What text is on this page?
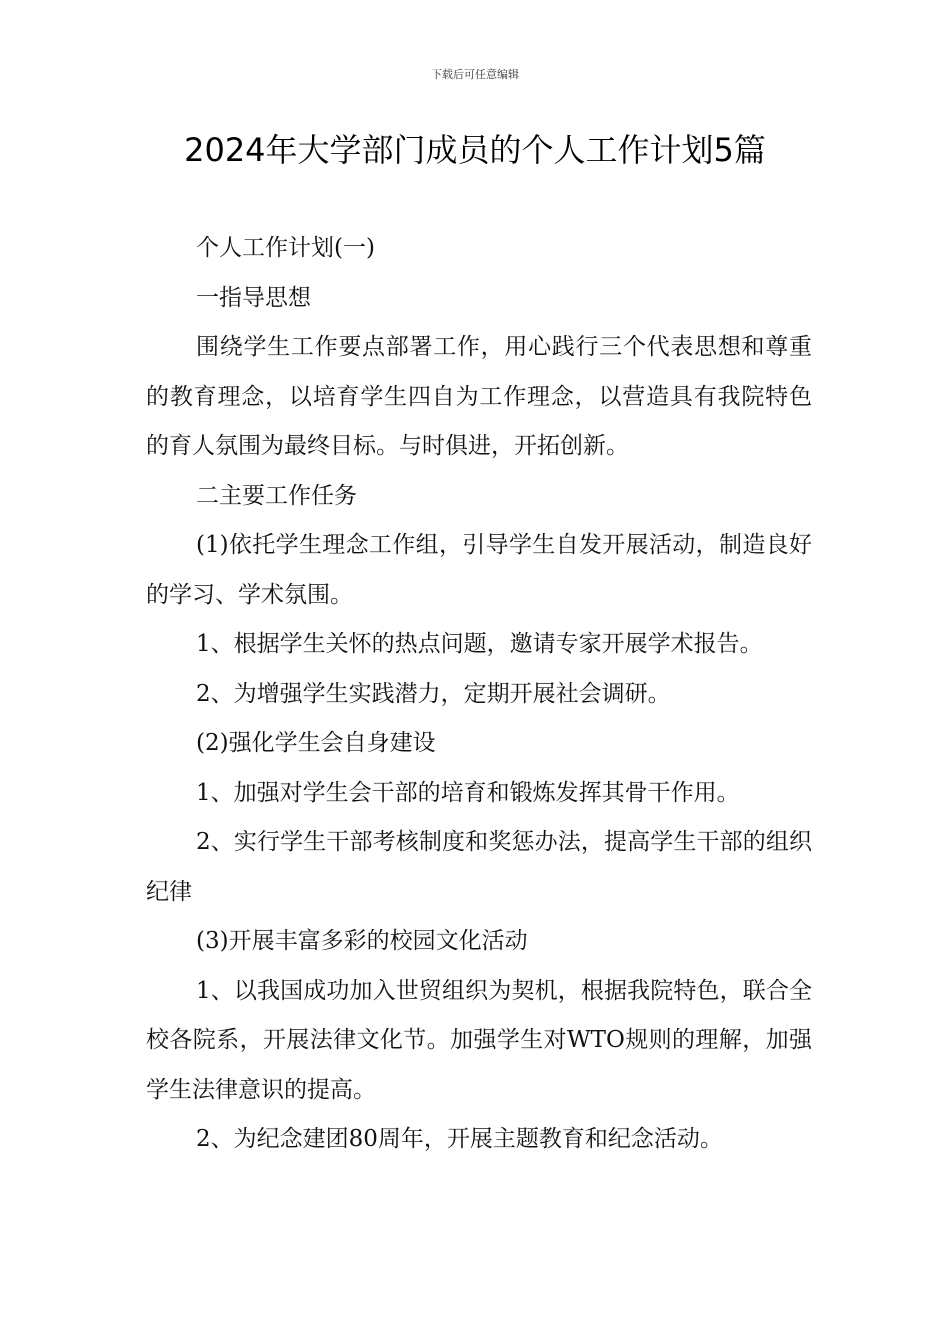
下载后可任意编辑
2024年大学部门成员的个人工作计划5篇

个人工作计划(一)

一指导思想

围绕学生工作要点部署工作，用心践行三个代表思想和尊重的教育理念，以培育学生四自为工作理念，以营造具有我院特色的育人氛围为最终目标。与时俱进，开拓创新。

二主要工作任务

(1)依托学生理念工作组，引导学生自发开展活动，制造良好的学习、学术氛围。

1、根据学生关怀的热点问题，邀请专家开展学术报告。

2、为增强学生实践潜力，定期开展社会调研。

(2)强化学生会自身建设

1、加强对学生会干部的培育和锻炼发挥其骨干作用。

2、实行学生干部考核制度和奖惩办法，提高学生干部的组织纪律

(3)开展丰富多彩的校园文化活动

1、以我国成功加入世贸组织为契机，根据我院特色，联合全校各院系，开展法律文化节。加强学生对WTO规则的理解，加强学生法律意识的提高。

2、为纪念建团80周年，开展主题教育和纪念活动。
